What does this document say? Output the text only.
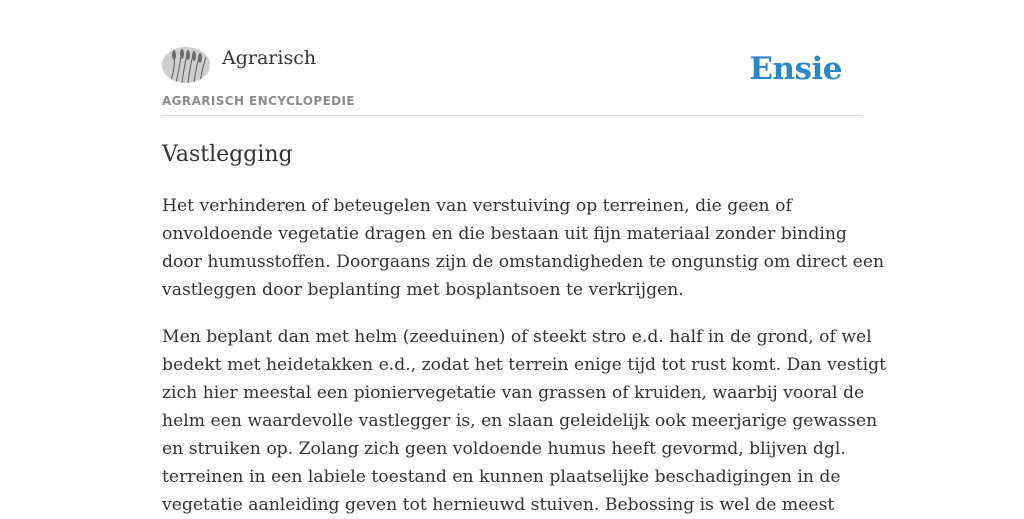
Agrarisch
AGRARISCH ENCYCLOPEDIE
Ensie
Vastlegging

Het verhinderen of beteugelen van verstuiving op terreinen, die geen of
onvoldoende vegetatie dragen en die bestaan uit fijn materiaal zonder binding
door humusstoffen. Doorgaans zijn de omstandigheden te ongunstig om direct een
vastleggen door beplanting met bosplantsoen te verkrijgen.

Men beplant dan met helm (zeeduinen) of steekt stro e.d. half in de grond, of wel
bedekt met heidetakken e.d., zodat het terrein enige tijd tot rust komt. Dan vestigt
zich hier meestal een pioniervegetatie van grassen of kruiden, waarbij vooral de
helm een waardevolle vastlegger is, en slaan geleidelijk ook meerjarige gewassen
en struiken op. Zolang zich geen voldoende humus heeft gevormd, blijven dgl.
terreinen in een labiele toestand en kunnen plaatselijke beschadigingen in de
vegetatie aanleiding geven tot hernieuwd stuiven. Bebossing is wel de meest
